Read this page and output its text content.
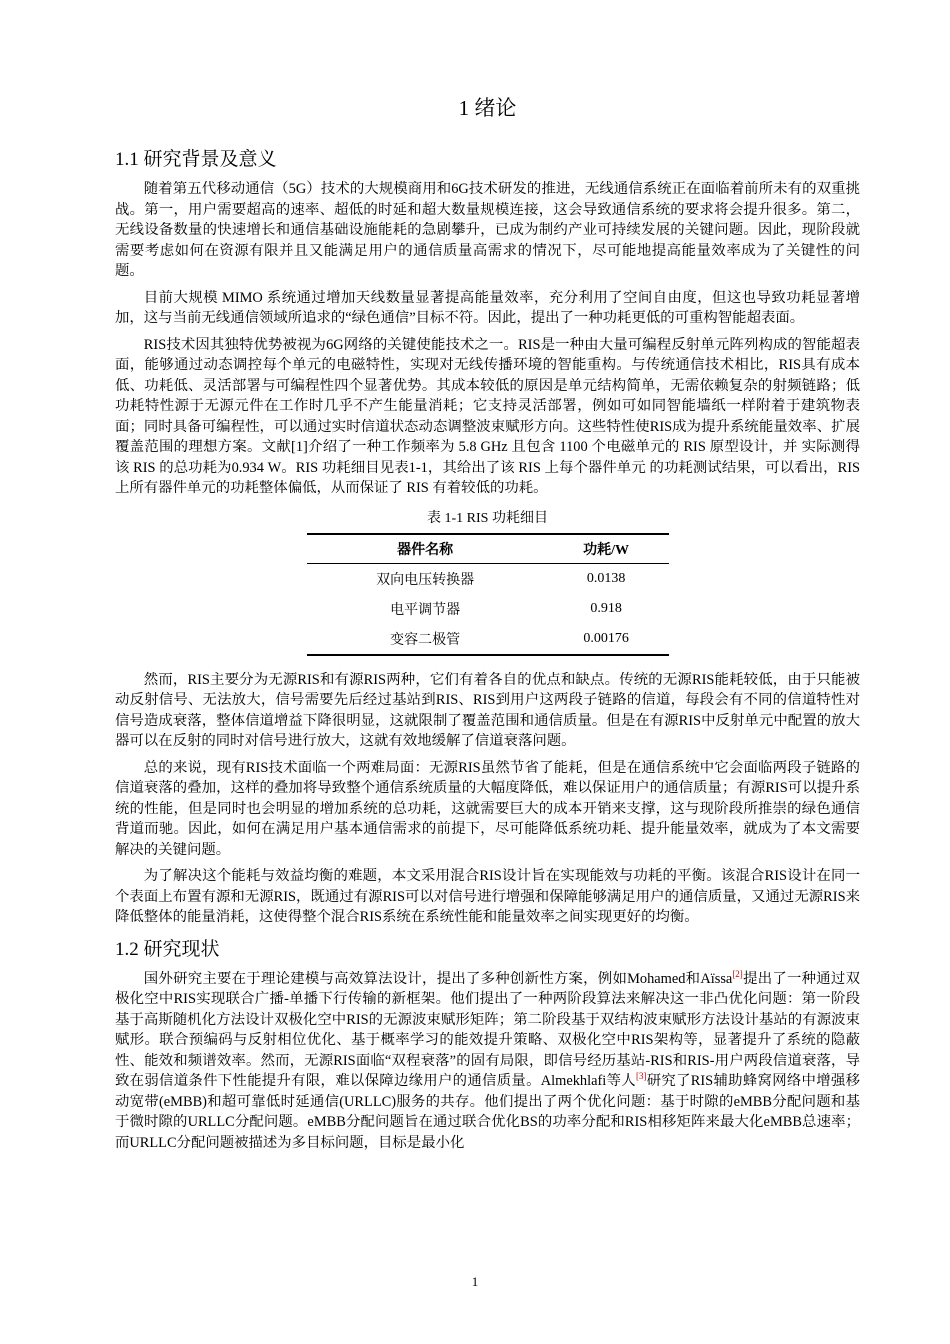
1 绪论
1.1 研究背景及意义

随着第五代移动通信（5G）技术的大规模商用和6G技术研发的推进，无线通信系统正在面临着前所未有的双重挑战。第一，用户需要超高的速率、超低的时延和超大数量规模连接，这会导致通信系统的要求将会提升很多。第二，无线设备数量的快速增长和通信基础设施能耗的急剧攀升，已成为制约产业可持续发展的关键问题。因此，现阶段就需要考虑如何在资源有限并且又能满足用户的通信质量高需求的情况下，尽可能地提高能量效率成为了关键性的问题。

目前大规模 MIMO 系统通过增加天线数量显著提高能量效率，充分利用了空间自由度，但这也导致功耗显著增加，这与当前无线通信领域所追求的“绿色通信”目标不符。因此，提出了一种功耗更低的可重构智能超表面。

RIS技术因其独特优势被视为6G网络的关键使能技术之一。RIS是一种由大量可编程反射单元阵列构成的智能超表面，能够通过动态调控每个单元的电磁特性，实现对无线传播环境的智能重构。与传统通信技术相比，RIS具有成本低、功耗低、灵活部署与可编程性四个显著优势。其成本较低的原因是单元结构简单，无需依赖复杂的射频链路；低功耗特性源于无源元件在工作时几乎不产生能量消耗；它支持灵活部署，例如可如同智能墙纸一样附着于建筑物表面；同时具备可编程性，可以通过实时信道状态动态调整波束赋形方向。这些特性使RIS成为提升系统能量效率、扩展覆盖范围的理想方案。文献[1]介绍了一种工作频率为 5.8 GHz 且包含 1100 个电磁单元的 RIS 原型设计，并 实际测得该 RIS 的总功耗为0.934 W。RIS 功耗细目见表1-1，其给出了该 RIS 上每个器件单元 的功耗测试结果，可以看出，RIS 上所有器件单元的功耗整体偏低，从而保证了 RIS 有着较低的功耗。

表 1-1 RIS 功耗细目
器件名称	功耗/W
双向电压转换器	0.0138
电平调节器	0.918
变容二极管	0.00176

然而，RIS主要分为无源RIS和有源RIS两种，它们有着各自的优点和缺点。传统的无源RIS能耗较低，由于只能被动反射信号、无法放大，信号需要先后经过基站到RIS、RIS到用户这两段子链路的信道，每段会有不同的信道特性对信号造成衰落，整体信道增益下降很明显，这就限制了覆盖范围和通信质量。但是在有源RIS中反射单元中配置的放大器可以在反射的同时对信号进行放大，这就有效地缓解了信道衰落问题。

总的来说，现有RIS技术面临一个两难局面：无源RIS虽然节省了能耗，但是在通信系统中它会面临两段子链路的信道衰落的叠加，这样的叠加将导致整个通信系统质量的大幅度降低，难以保证用户的通信质量；有源RIS可以提升系统的性能，但是同时也会明显的增加系统的总功耗，这就需要巨大的成本开销来支撑，这与现阶段所推崇的绿色通信背道而驰。因此，如何在满足用户基本通信需求的前提下，尽可能降低系统功耗、提升能量效率，就成为了本文需要解决的关键问题。

为了解决这个能耗与效益均衡的难题，本文采用混合RIS设计旨在实现能效与功耗的平衡。该混合RIS设计在同一个表面上布置有源和无源RIS，既通过有源RIS可以对信号进行增强和保障能够满足用户的通信质量，又通过无源RIS来降低整体的能量消耗，这使得整个混合RIS系统在系统性能和能量效率之间实现更好的均衡。

1.2 研究现状

国外研究主要在于理论建模与高效算法设计，提出了多种创新性方案，例如Mohamed和Aïssa[2]提出了一种通过双极化空中RIS实现联合广播-单播下行传输的新框架。他们提出了一种两阶段算法来解决这一非凸优化问题：第一阶段基于高斯随机化方法设计双极化空中RIS的无源波束赋形矩阵；第二阶段基于双结构波束赋形方法设计基站的有源波束赋形。联合预编码与反射相位优化、基于概率学习的能效提升策略、双极化空中RIS架构等，显著提升了系统的隐蔽性、能效和频谱效率。然而，无源RIS面临“双程衰落”的固有局限，即信号经历基站-RIS和RIS-用户两段信道衰落，导致在弱信道条件下性能提升有限，难以保障边缘用户的通信质量。Almekhlafi等人[3]研究了RIS辅助蜂窝网络中增强移动宽带(eMBB)和超可靠低时延通信(URLLC)服务的共存。他们提出了两个优化问题：基于时隙的eMBB分配问题和基于微时隙的URLLC分配问题。eMBB分配问题旨在通过联合优化BS的功率分配和RIS相移矩阵来最大化eMBB总速率；而URLLC分配问题被描述为多目标问题，目标是最小化

1
